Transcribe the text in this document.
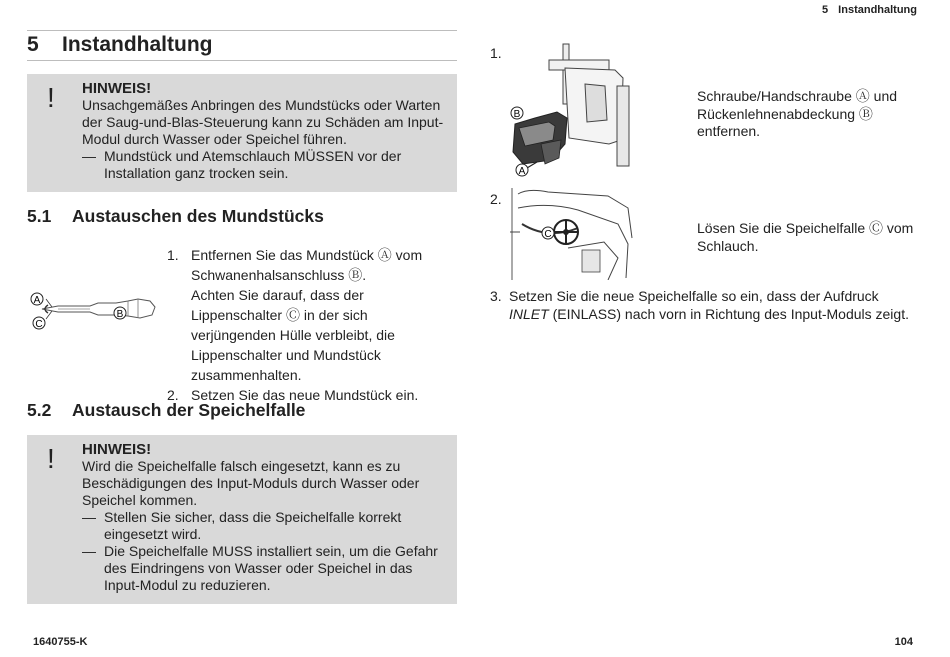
5 Instandhaltung
5 Instandhaltung
! HINWEIS!
Unsachgemäßes Anbringen des Mundstücks oder Warten der Saug-und-Blas-Steuerung kann zu Schäden am Input-Modul durch Wasser oder Speichel führen.
— Mundstück und Atemschlauch MÜSSEN vor der Installation ganz trocken sein.
5.1 Austauschen des Mundstücks
A
C
B
1. Entfernen Sie das Mundstück Ⓐ vom Schwanenhalsanschluss Ⓑ.
Achten Sie darauf, dass der Lippenschalter Ⓒ in der sich verjüngenden Hülle verbleibt, die Lippenschalter und Mundstück zusammenhalten.
2. Setzen Sie das neue Mundstück ein.
5.2 Austausch der Speichelfalle
! HINWEIS!
Wird die Speichelfalle falsch eingesetzt, kann es zu Beschädigungen des Input-Moduls durch Wasser oder Speichel kommen.
— Stellen Sie sicher, dass die Speichelfalle korrekt eingesetzt wird.
— Die Speichelfalle MUSS installiert sein, um die Gefahr des Eindringens von Wasser oder Speichel in das Input-Modul zu reduzieren.
1.
B
A
Schraube/Handschraube Ⓐ und Rückenlehnenabdeckung Ⓑ entfernen.
2.
C	Lösen Sie die Speichelfalle Ⓒ vom Schlauch.
3. Setzen Sie die neue Speichelfalle so ein, dass der Aufdruck INLET (EINLASS) nach vorn in Richtung des Input-Moduls zeigt.
1640755-K	104
